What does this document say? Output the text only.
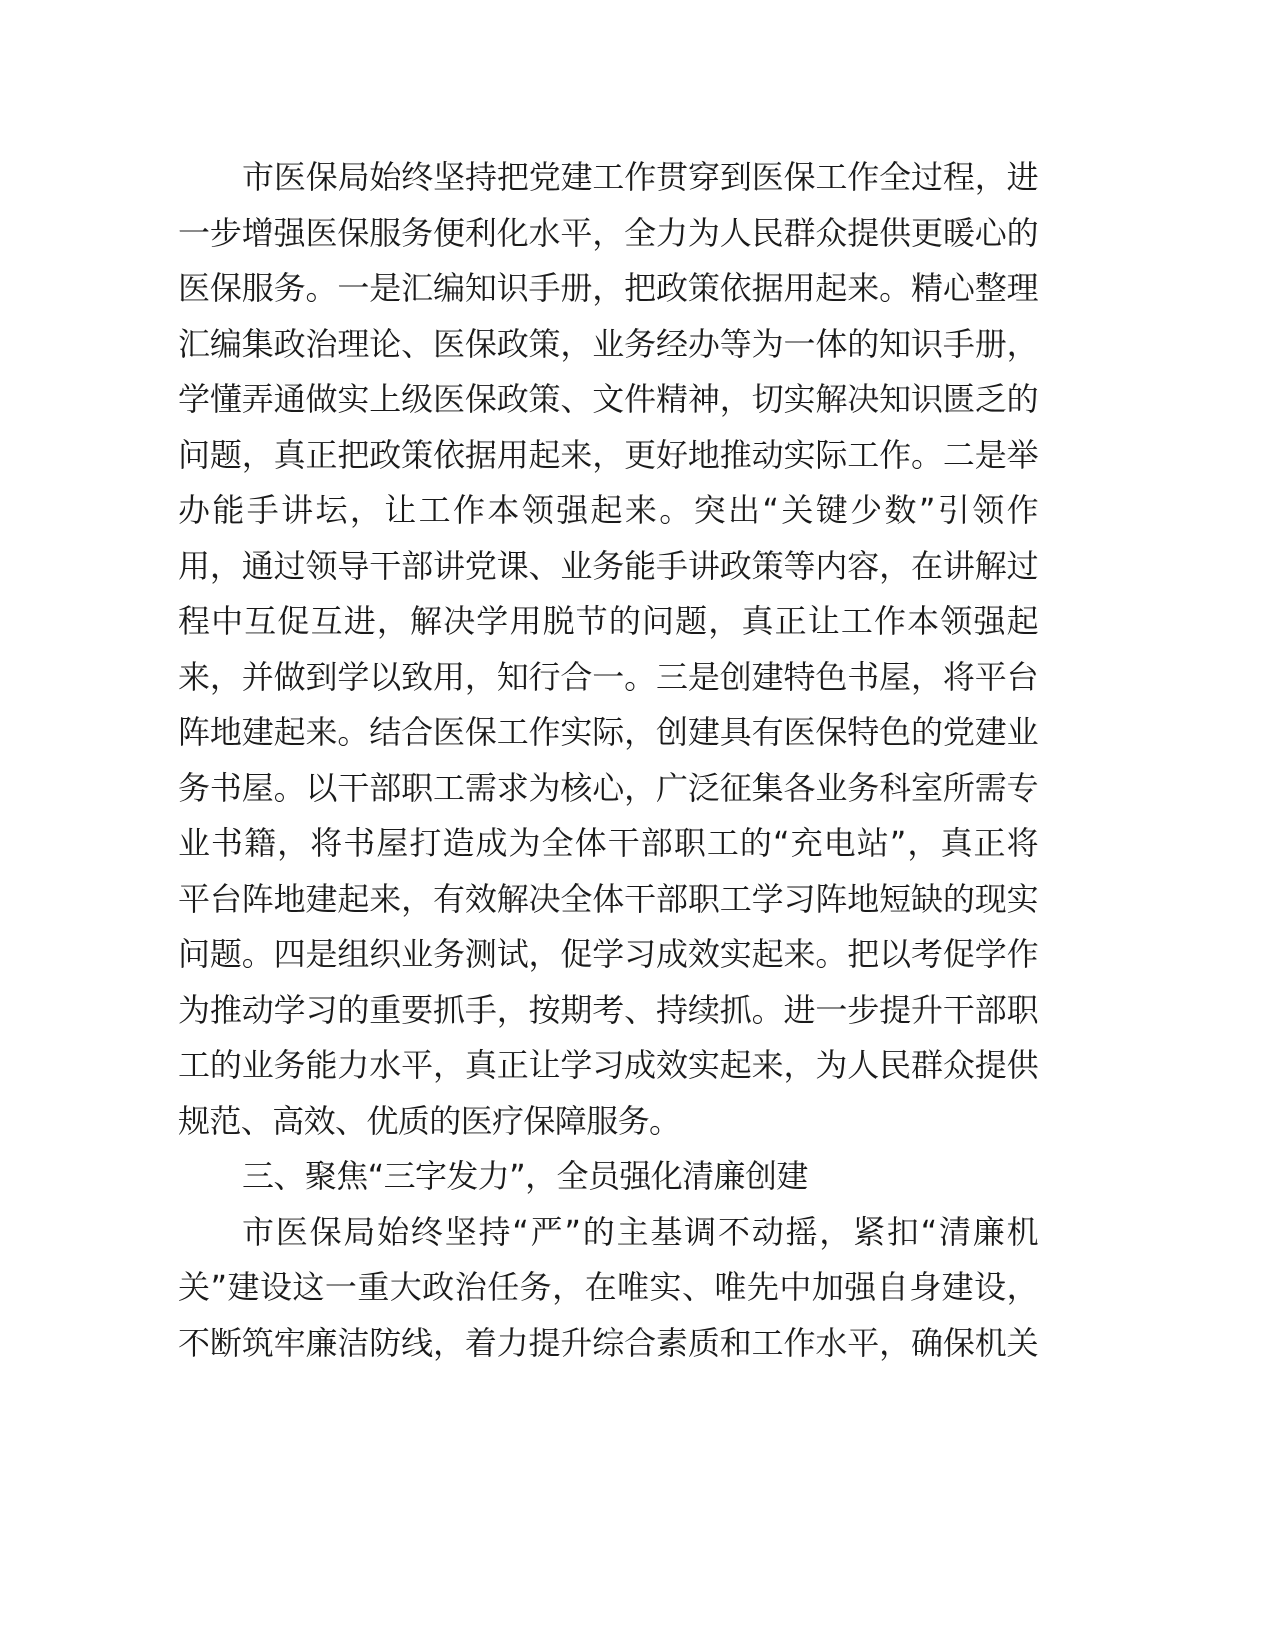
市医保局始终坚持把党建工作贯穿到医保工作全过程，进
一步增强医保服务便利化水平，全力为人民群众提供更暖心的
医保服务。一是汇编知识手册，把政策依据用起来。精心整理
汇编集政治理论、医保政策，业务经办等为一体的知识手册，
学懂弄通做实上级医保政策、文件精神，切实解决知识匮乏的
问题，真正把政策依据用起来，更好地推动实际工作。二是举
办能手讲坛，让工作本领强起来。突出“关键少数”引领作
用，通过领导干部讲党课、业务能手讲政策等内容，在讲解过
程中互促互进，解决学用脱节的问题，真正让工作本领强起
来，并做到学以致用，知行合一。三是创建特色书屋，将平台
阵地建起来。结合医保工作实际，创建具有医保特色的党建业
务书屋。以干部职工需求为核心，广泛征集各业务科室所需专
业书籍，将书屋打造成为全体干部职工的“充电站”，真正将
平台阵地建起来，有效解决全体干部职工学习阵地短缺的现实
问题。四是组织业务测试，促学习成效实起来。把以考促学作
为推动学习的重要抓手，按期考、持续抓。进一步提升干部职
工的业务能力水平，真正让学习成效实起来，为人民群众提供
规范、高效、优质的医疗保障服务。
三、聚焦“三字发力”，全员强化清廉创建
市医保局始终坚持“严”的主基调不动摇，紧扣“清廉机
关”建设这一重大政治任务，在唯实、唯先中加强自身建设，
不断筑牢廉洁防线，着力提升综合素质和工作水平，确保机关
